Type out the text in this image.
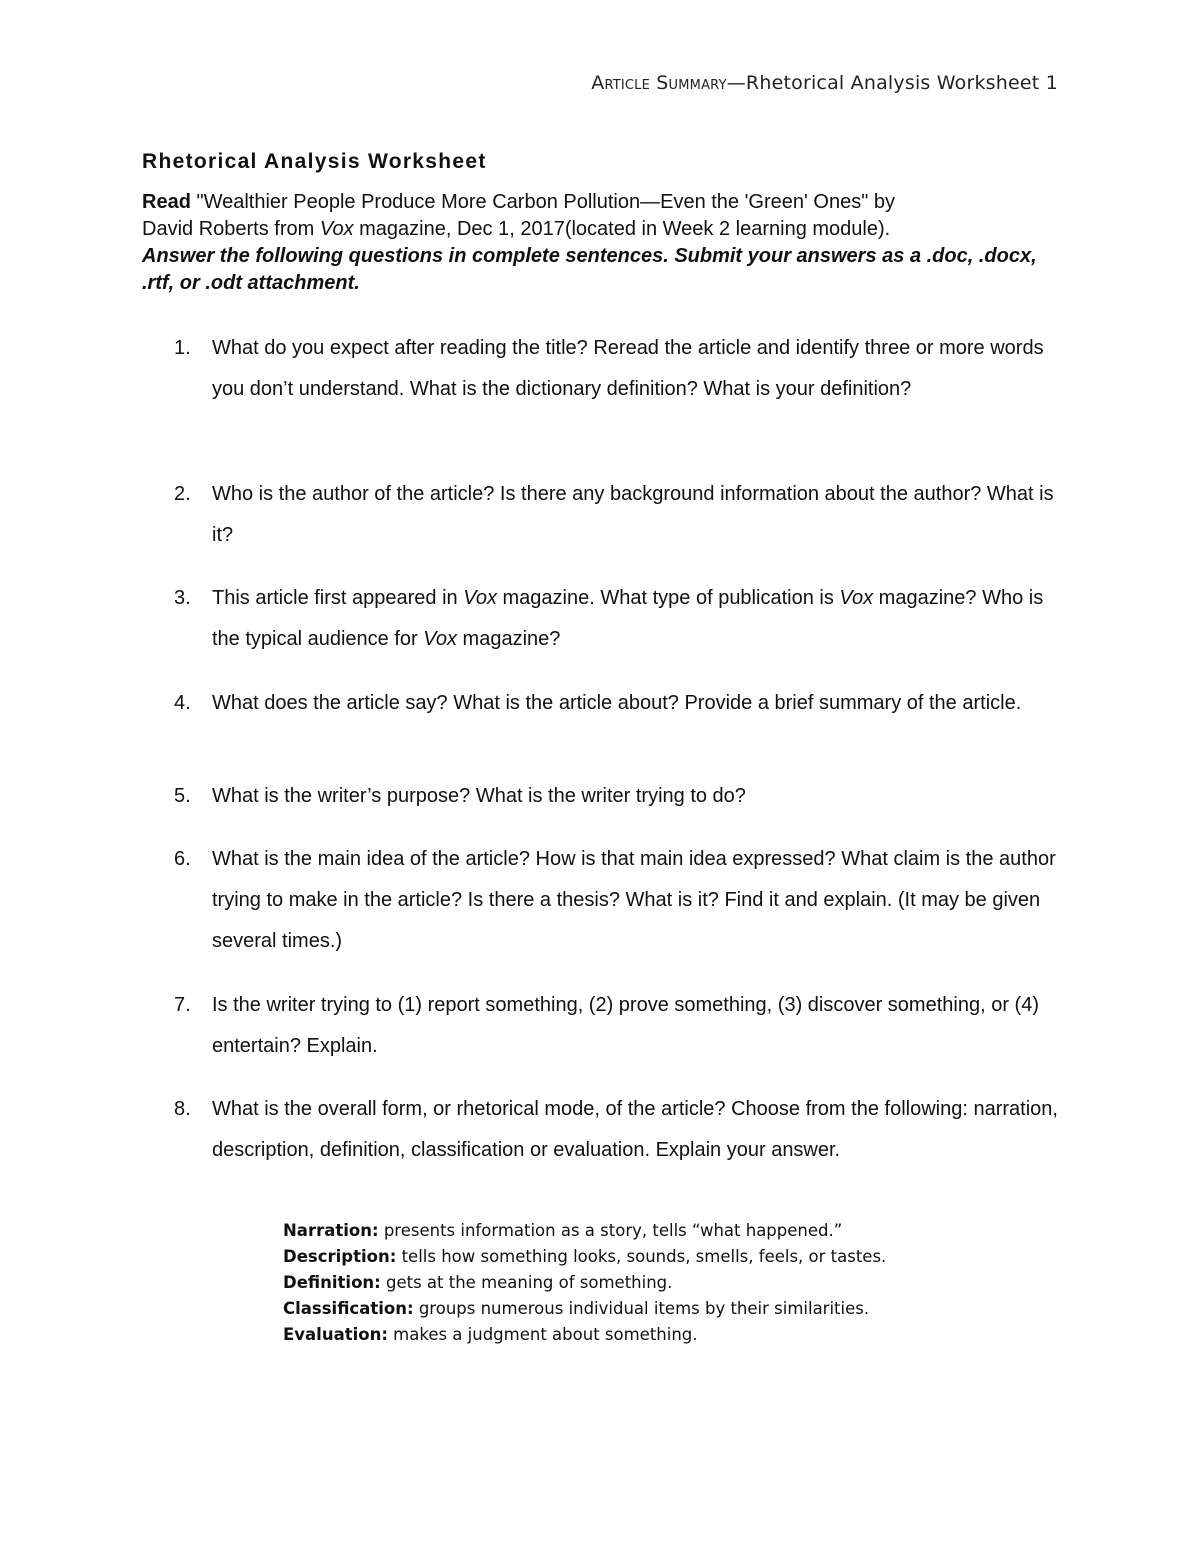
Article Summary—Rhetorical Analysis Worksheet 1
Rhetorical Analysis Worksheet

Read "Wealthier People Produce More Carbon Pollution—Even the 'Green' Ones" by
David Roberts from Vox magazine, Dec 1, 2017(located in Week 2 learning module).
Answer the following questions in complete sentences. Submit your answers as a .doc, .docx, .rtf, or .odt attachment.

1. What do you expect after reading the title? Reread the article and identify three or more words you don’t understand. What is the dictionary definition? What is your definition?
2. Who is the author of the article? Is there any background information about the author? What is it?
3. This article first appeared in Vox magazine. What type of publication is Vox magazine? Who is the typical audience for Vox magazine?
4. What does the article say? What is the article about? Provide a brief summary of the article.
5. What is the writer’s purpose? What is the writer trying to do?
6. What is the main idea of the article? How is that main idea expressed? What claim is the author trying to make in the article? Is there a thesis? What is it? Find it and explain. (It may be given several times.)
7. Is the writer trying to (1) report something, (2) prove something, (3) discover something, or (4) entertain? Explain.
8. What is the overall form, or rhetorical mode, of the article? Choose from the following: narration, description, definition, classification or evaluation. Explain your answer.
Narration: presents information as a story, tells “what happened.”
Description: tells how something looks, sounds, smells, feels, or tastes.
Definition: gets at the meaning of something.
Classification: groups numerous individual items by their similarities.
Evaluation: makes a judgment about something.
